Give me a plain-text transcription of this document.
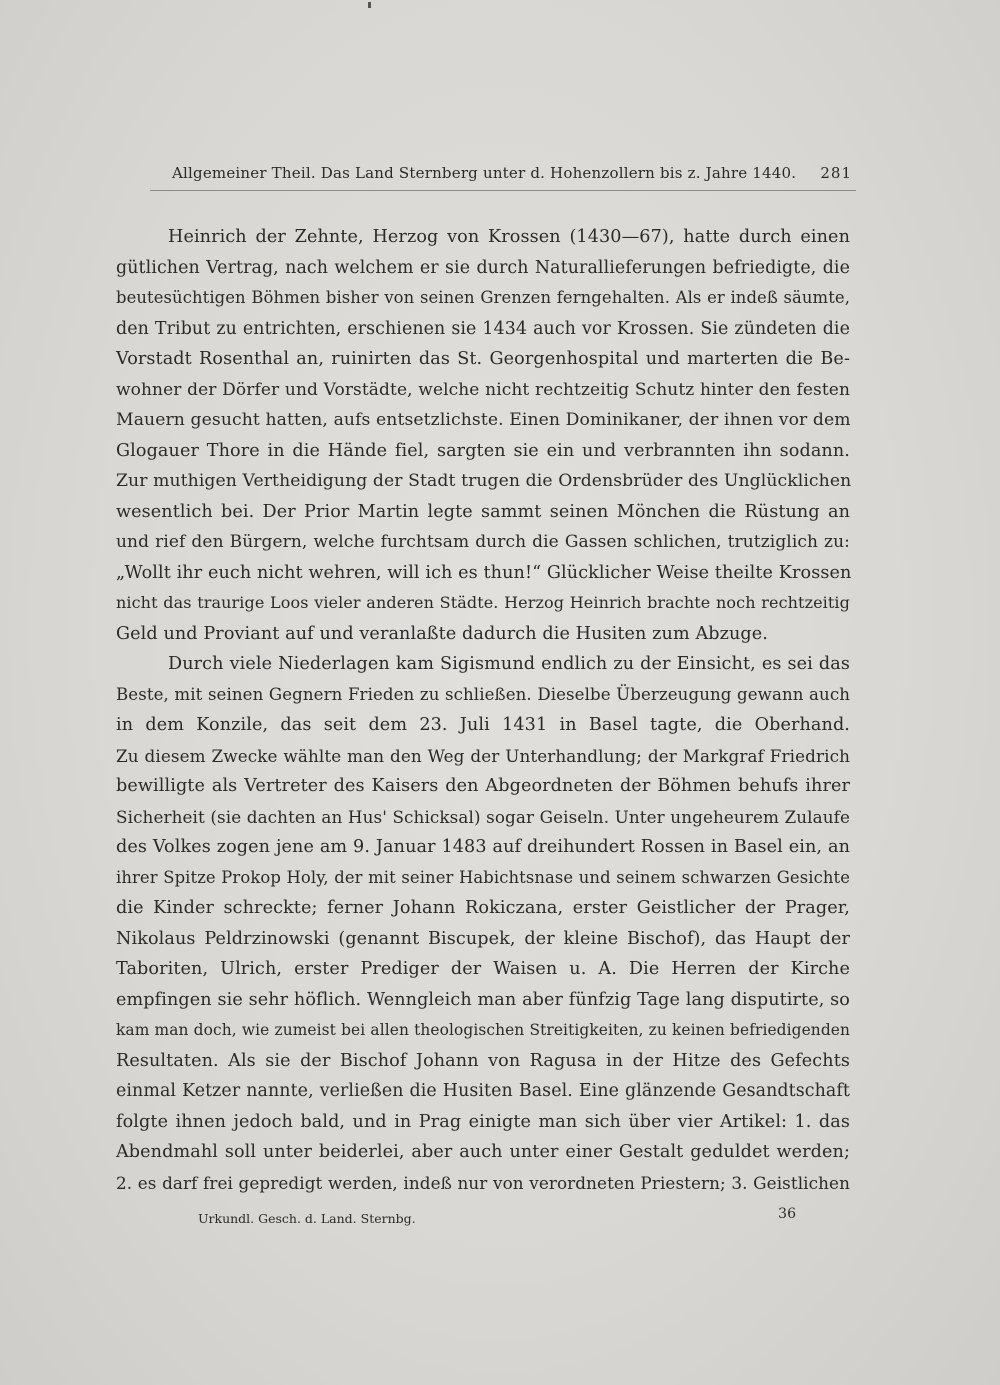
Allgemeiner Theil. Das Land Sternberg unter d. Hohenzollern bis z. Jahre 1440. 281
Heinrich der Zehnte, Herzog von Krossen (1430—67), hatte durch einen
gütlichen Vertrag, nach welchem er sie durch Naturallieferungen befriedigte, die
beutesüchtigen Böhmen bisher von seinen Grenzen ferngehalten. Als er indeß säumte,
den Tribut zu entrichten, erschienen sie 1434 auch vor Krossen. Sie zündeten die
Vorstadt Rosenthal an, ruinirten das St. Georgenhospital und marterten die Be-
wohner der Dörfer und Vorstädte, welche nicht rechtzeitig Schutz hinter den festen
Mauern gesucht hatten, aufs entsetzlichste. Einen Dominikaner, der ihnen vor dem
Glogauer Thore in die Hände fiel, sargten sie ein und verbrannten ihn sodann.
Zur muthigen Vertheidigung der Stadt trugen die Ordensbrüder des Unglücklichen
wesentlich bei. Der Prior Martin legte sammt seinen Mönchen die Rüstung an
und rief den Bürgern, welche furchtsam durch die Gassen schlichen, trutziglich zu:
„Wollt ihr euch nicht wehren, will ich es thun!“ Glücklicher Weise theilte Krossen
nicht das traurige Loos vieler anderen Städte. Herzog Heinrich brachte noch rechtzeitig
Geld und Proviant auf und veranlaßte dadurch die Husiten zum Abzuge.
Durch viele Niederlagen kam Sigismund endlich zu der Einsicht, es sei das
Beste, mit seinen Gegnern Frieden zu schließen. Dieselbe Überzeugung gewann auch
in dem Konzile, das seit dem 23. Juli 1431 in Basel tagte, die Oberhand.
Zu diesem Zwecke wählte man den Weg der Unterhandlung; der Markgraf Friedrich
bewilligte als Vertreter des Kaisers den Abgeordneten der Böhmen behufs ihrer
Sicherheit (sie dachten an Hus' Schicksal) sogar Geiseln. Unter ungeheurem Zulaufe
des Volkes zogen jene am 9. Januar 1483 auf dreihundert Rossen in Basel ein, an
ihrer Spitze Prokop Holy, der mit seiner Habichtsnase und seinem schwarzen Gesichte
die Kinder schreckte; ferner Johann Rokiczana, erster Geistlicher der Prager,
Nikolaus Peldrzinowski (genannt Biscupek, der kleine Bischof), das Haupt der
Taboriten, Ulrich, erster Prediger der Waisen u. A. Die Herren der Kirche
empfingen sie sehr höflich. Wenngleich man aber fünfzig Tage lang disputirte, so
kam man doch, wie zumeist bei allen theologischen Streitigkeiten, zu keinen befriedigenden
Resultaten. Als sie der Bischof Johann von Ragusa in der Hitze des Gefechts
einmal Ketzer nannte, verließen die Husiten Basel. Eine glänzende Gesandtschaft
folgte ihnen jedoch bald, und in Prag einigte man sich über vier Artikel: 1. das
Abendmahl soll unter beiderlei, aber auch unter einer Gestalt geduldet werden;
2. es darf frei gepredigt werden, indeß nur von verordneten Priestern; 3. Geistlichen
Urkundl. Gesch. d. Land. Sternbg.	36
